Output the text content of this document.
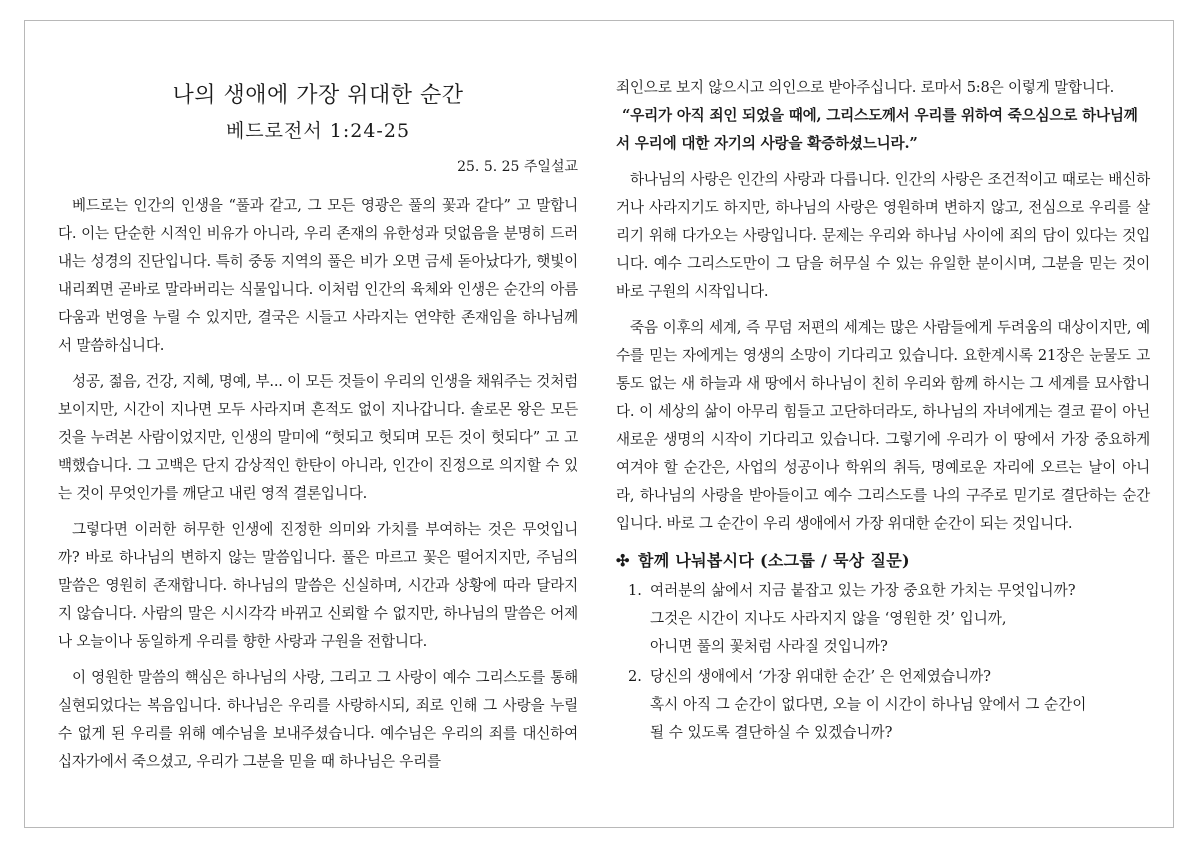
나의 생애에 가장 위대한 순간
베드로전서 1:24-25
25. 5. 25 주일설교

베드로는 인간의 인생을 “풀과 같고, 그 모든 영광은 풀의 꽃과 같다” 고 말합니다. 이는 단순한 시적인 비유가 아니라, 우리 존재의 유한성과 덧없음을 분명히 드러내는 성경의 진단입니다. 특히 중동 지역의 풀은 비가 오면 금세 돋아났다가, 햇빛이 내리쬐면 곧바로 말라버리는 식물입니다. 이처럼 인간의 육체와 인생은 순간의 아름다움과 번영을 누릴 수 있지만, 결국은 시들고 사라지는 연약한 존재임을 하나님께서 말씀하십니다.

성공, 젊음, 건강, 지혜, 명예, 부... 이 모든 것들이 우리의 인생을 채워주는 것처럼 보이지만, 시간이 지나면 모두 사라지며 흔적도 없이 지나갑니다. 솔로몬 왕은 모든 것을 누려본 사람이었지만, 인생의 말미에 “헛되고 헛되며 모든 것이 헛되다” 고 고백했습니다. 그 고백은 단지 감상적인 한탄이 아니라, 인간이 진정으로 의지할 수 있는 것이 무엇인가를 깨닫고 내린 영적 결론입니다.

그렇다면 이러한 허무한 인생에 진정한 의미와 가치를 부여하는 것은 무엇입니까? 바로 하나님의 변하지 않는 말씀입니다. 풀은 마르고 꽃은 떨어지지만, 주님의 말씀은 영원히 존재합니다. 하나님의 말씀은 신실하며, 시간과 상황에 따라 달라지지 않습니다. 사람의 말은 시시각각 바뀌고 신뢰할 수 없지만, 하나님의 말씀은 어제나 오늘이나 동일하게 우리를 향한 사랑과 구원을 전합니다.

이 영원한 말씀의 핵심은 하나님의 사랑, 그리고 그 사랑이 예수 그리스도를 통해 실현되었다는 복음입니다. 하나님은 우리를 사랑하시되, 죄로 인해 그 사랑을 누릴 수 없게 된 우리를 위해 예수님을 보내주셨습니다. 예수님은 우리의 죄를 대신하여 십자가에서 죽으셨고, 우리가 그분을 믿을 때 하나님은 우리를

죄인으로 보지 않으시고 의인으로 받아주십니다. 로마서 5:8은 이렇게 말합니다.

“우리가 아직 죄인 되었을 때에, 그리스도께서 우리를 위하여 죽으심으로 하나님께서 우리에 대한 자기의 사랑을 확증하셨느니라.”

하나님의 사랑은 인간의 사랑과 다릅니다. 인간의 사랑은 조건적이고 때로는 배신하거나 사라지기도 하지만, 하나님의 사랑은 영원하며 변하지 않고, 전심으로 우리를 살리기 위해 다가오는 사랑입니다. 문제는 우리와 하나님 사이에 죄의 담이 있다는 것입니다. 예수 그리스도만이 그 담을 허무실 수 있는 유일한 분이시며, 그분을 믿는 것이 바로 구원의 시작입니다.

죽음 이후의 세계, 즉 무덤 저편의 세계는 많은 사람들에게 두려움의 대상이지만, 예수를 믿는 자에게는 영생의 소망이 기다리고 있습니다. 요한계시록 21장은 눈물도 고통도 없는 새 하늘과 새 땅에서 하나님이 친히 우리와 함께 하시는 그 세계를 묘사합니다. 이 세상의 삶이 아무리 힘들고 고단하더라도, 하나님의 자녀에게는 결코 끝이 아닌 새로운 생명의 시작이 기다리고 있습니다. 그렇기에 우리가 이 땅에서 가장 중요하게 여겨야 할 순간은, 사업의 성공이나 학위의 취득, 명예로운 자리에 오르는 날이 아니라, 하나님의 사랑을 받아들이고 예수 그리스도를 나의 구주로 믿기로 결단하는 순간입니다. 바로 그 순간이 우리 생애에서 가장 위대한 순간이 되는 것입니다.

✣ 함께 나눠봅시다 (소그룹 / 묵상 질문)
1. 여러분의 삶에서 지금 붙잡고 있는 가장 중요한 가치는 무엇입니까?
그것은 시간이 지나도 사라지지 않을 ‘영원한 것’ 입니까,
아니면 풀의 꽃처럼 사라질 것입니까?
2. 당신의 생애에서 ‘가장 위대한 순간’ 은 언제였습니까?
혹시 아직 그 순간이 없다면, 오늘 이 시간이 하나님 앞에서 그 순간이
될 수 있도록 결단하실 수 있겠습니까?
